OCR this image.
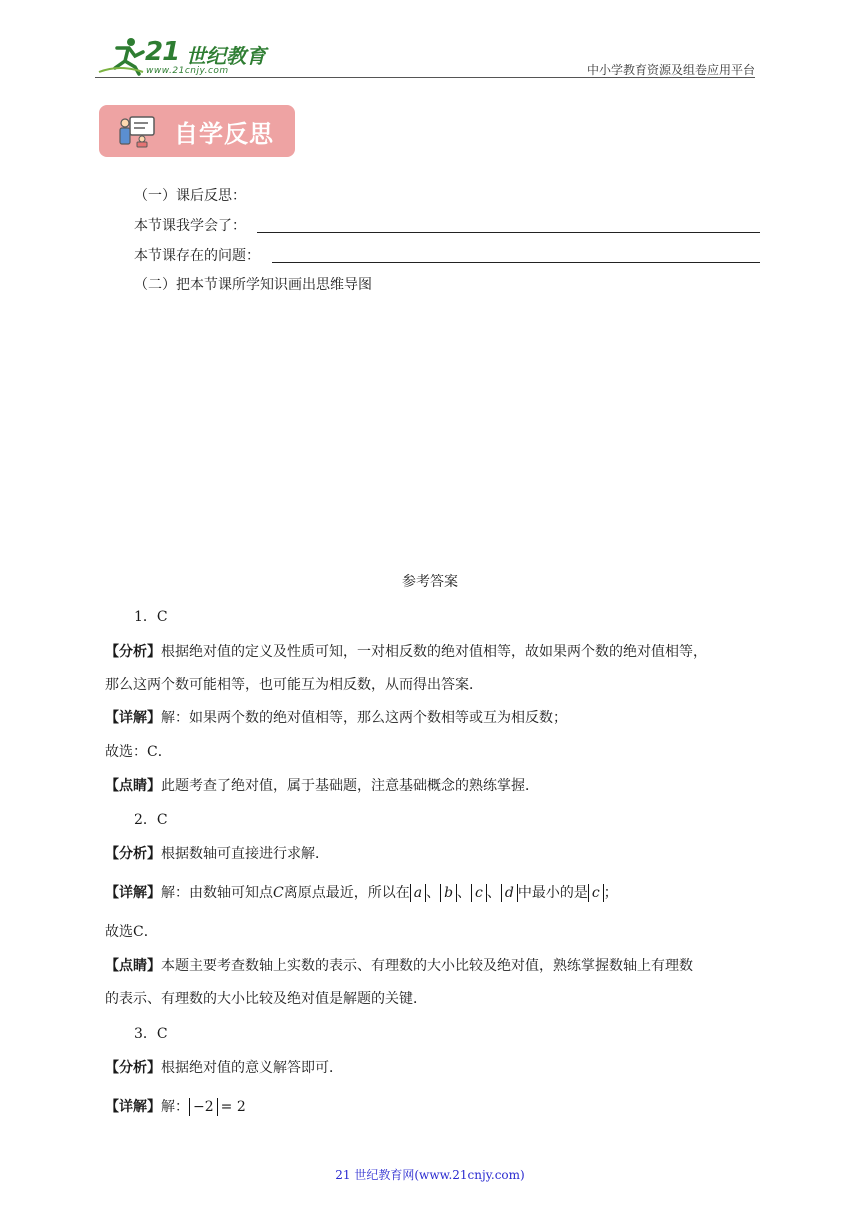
21 世纪教育
www.21cnjy.com	中小学教育资源及组卷应用平台
自学反思
（一）课后反思：
本节课我学会了：
本节课存在的问题：
（二）把本节课所学知识画出思维导图
参考答案
1．C
【分析】根据绝对值的定义及性质可知，一对相反数的绝对值相等，故如果两个数的绝对值相等，
那么这两个数可能相等，也可能互为相反数，从而得出答案．
【详解】解：如果两个数的绝对值相等，那么这两个数相等或互为相反数；
故选：C．
【点睛】此题考查了绝对值，属于基础题，注意基础概念的熟练掌握．
2．C
【分析】根据数轴可直接进行求解．
【详解】解：由数轴可知点C离原点最近，所以在 a 、 b 、 c 、 d 中最小的是 c ；
故选C．
【点睛】本题主要考查数轴上实数的表示、有理数的大小比较及绝对值，熟练掌握数轴上有理数
的表示、有理数的大小比较及绝对值是解题的关键．
3．C
【分析】根据绝对值的意义解答即可．
【详解】解： −2 = 2
21 世纪教育网(www.21cnjy.com)
